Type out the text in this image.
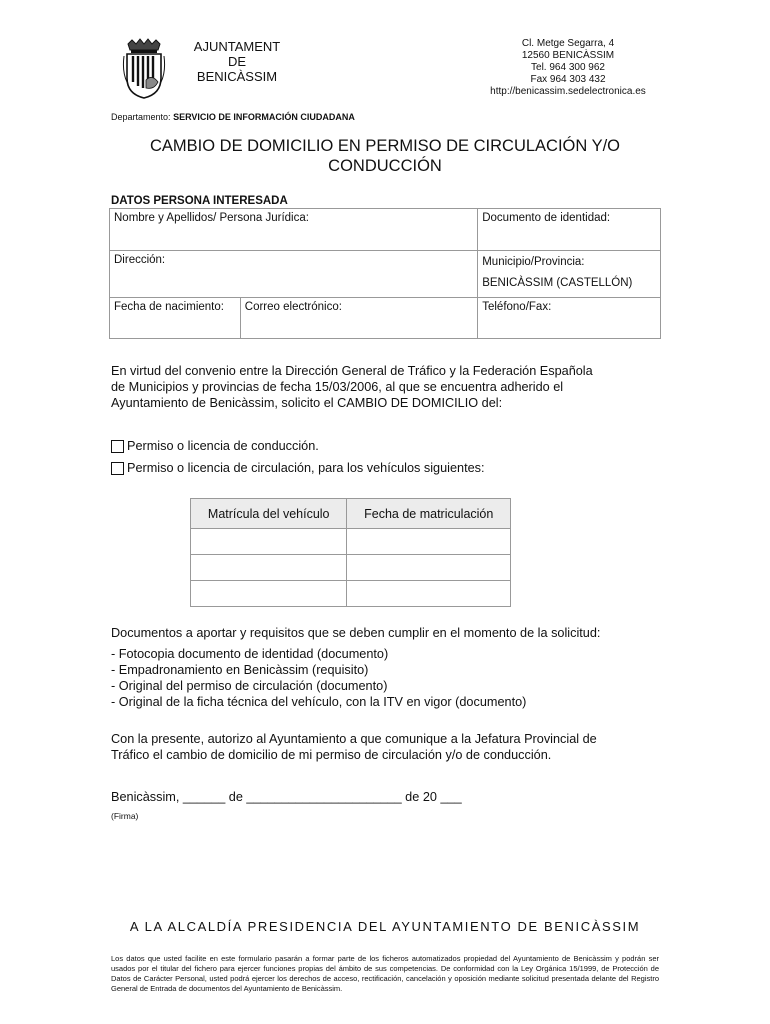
AJUNTAMENT
DE
BENICÀSSIM
Cl. Metge Segarra, 4
12560 BENICÀSSIM
Tel. 964 300 962
Fax 964 303 432
http://benicassim.sedelectronica.es
Departamento: SERVICIO DE INFORMACIÓN CIUDADANA
CAMBIO DE DOMICILIO EN PERMISO DE CIRCULACIÓN Y/O
CONDUCCIÓN
DATOS PERSONA INTERESADA
Nombre y Apellidos/ Persona Jurídica:		Documento de identidad:
Dirección:		Municipio/Provincia:
BENICÀSSIM (CASTELLÓN)

Fecha de nacimiento:	Correo electrónico:	Teléfono/Fax:
En virtud del convenio entre la Dirección General de Tráfico y la Federación Española
de Municipios y provincias de fecha 15/03/2006, al que se encuentra adherido el
Ayuntamiento de Benicàssim, solicito el CAMBIO DE DOMICILIO del:
Permiso o licencia de conducción.
Permiso o licencia de circulación, para los vehículos siguientes:
Matrícula del vehículo	Fecha de matriculación

Documentos a aportar y requisitos que se deben cumplir en el momento de la solicitud:
- Fotocopia documento de identidad (documento)
- Empadronamiento en Benicàssim (requisito)
- Original del permiso de circulación (documento)
- Original de la ficha técnica del vehículo, con la ITV en vigor (documento)
Con la presente, autorizo al Ayuntamiento a que comunique a la Jefatura Provincial de
Tráfico el cambio de domicilio de mi permiso de circulación y/o de conducción.
Benicàssim, ______ de ______________________ de 20 ___
(Firma)
A LA ALCALDÍA PRESIDENCIA DEL AYUNTAMIENTO DE BENICÀSSIM
Los datos que usted facilite en este formulario pasarán a formar parte de los ficheros automatizados propiedad del Ayuntamiento de Benicàssim y podrán ser usados por el titular del fichero para ejercer funciones propias del ámbito de sus competencias. De conformidad con la Ley Orgánica 15/1999, de Protección de Datos de Carácter Personal, usted podrá ejercer los derechos de acceso, rectificación, cancelación y oposición mediante solicitud presentada delante del Registro General de Entrada de documentos del Ayuntamiento de Benicàssim.
